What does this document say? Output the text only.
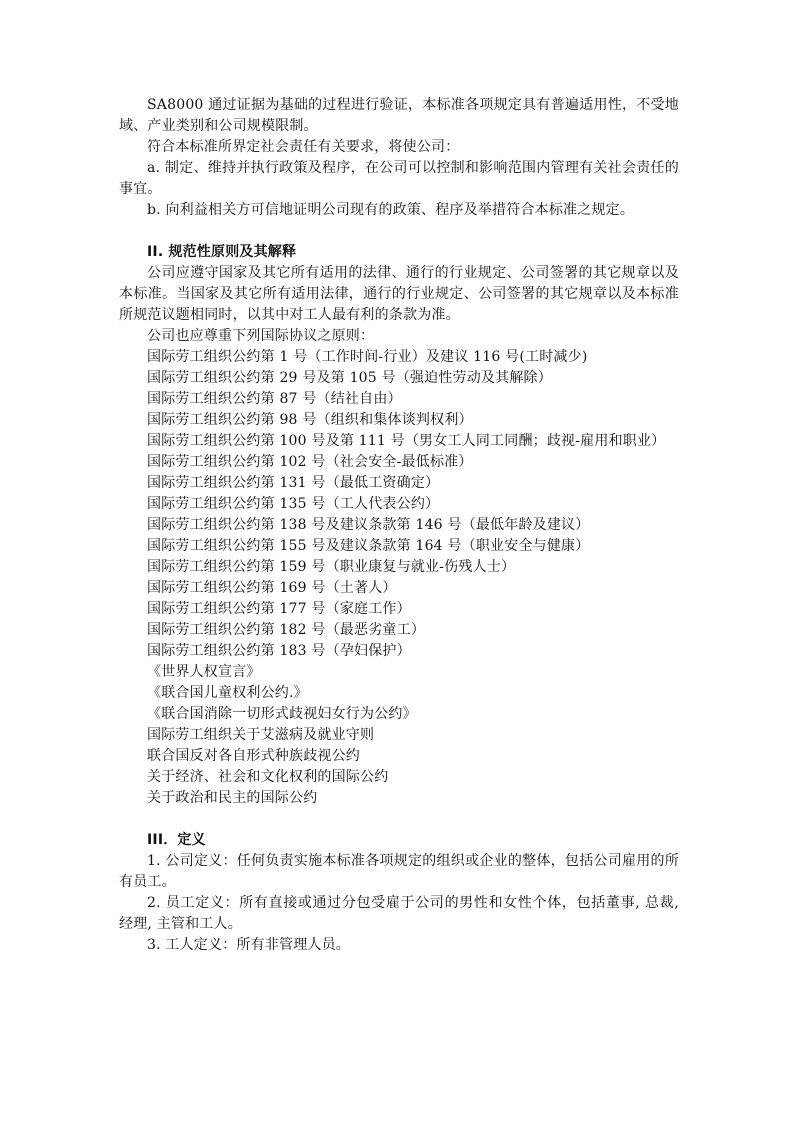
SA8000 通过证据为基础的过程进行验证，本标准各项规定具有普遍适用性，不受地域、产业类别和公司规模限制。

符合本标准所界定社会责任有关要求，将使公司：

a. 制定、维持并执行政策及程序，在公司可以控制和影响范围内管理有关社会责任的事宜。

b. 向利益相关方可信地证明公司现有的政策、程序及举措符合本标准之规定。

II. 规范性原则及其解释

公司应遵守国家及其它所有适用的法律、通行的行业规定、公司签署的其它规章以及本标准。当国家及其它所有适用法律，通行的行业规定、公司签署的其它规章以及本标准所规范议题相同时，以其中对工人最有利的条款为准。

公司也应尊重下列国际协议之原则：

国际劳工组织公约第 1 号（工作时间-行业）及建议 116 号(工时减少)
国际劳工组织公约第 29 号及第 105 号（强迫性劳动及其解除）
国际劳工组织公约第 87 号（结社自由）
国际劳工组织公约第 98 号（组织和集体谈判权利）
国际劳工组织公约第 100 号及第 111 号（男女工人同工同酬；歧视-雇用和职业）
国际劳工组织公约第 102 号（社会安全-最低标准）
国际劳工组织公约第 131 号（最低工资确定）
国际劳工组织公约第 135 号（工人代表公约）
国际劳工组织公约第 138 号及建议条款第 146 号（最低年龄及建议）
国际劳工组织公约第 155 号及建议条款第 164 号（职业安全与健康）
国际劳工组织公约第 159 号（职业康复与就业-伤残人士）
国际劳工组织公约第 169 号（土著人）
国际劳工组织公约第 177 号（家庭工作）
国际劳工组织公约第 182 号（最恶劣童工）
国际劳工组织公约第 183 号（孕妇保护）
《世界人权宣言》
《联合国儿童权利公约.》
《联合国消除一切形式歧视妇女行为公约》
国际劳工组织关于艾滋病及就业守则
联合国反对各自形式种族歧视公约
关于经济、社会和文化权利的国际公约
关于政治和民主的国际公约

III．定义

1. 公司定义：任何负责实施本标准各项规定的组织或企业的整体，包括公司雇用的所有员工。

2. 员工定义：所有直接或通过分包受雇于公司的男性和女性个体，包括董事, 总裁, 经理, 主管和工人。

3. 工人定义：所有非管理人员。
